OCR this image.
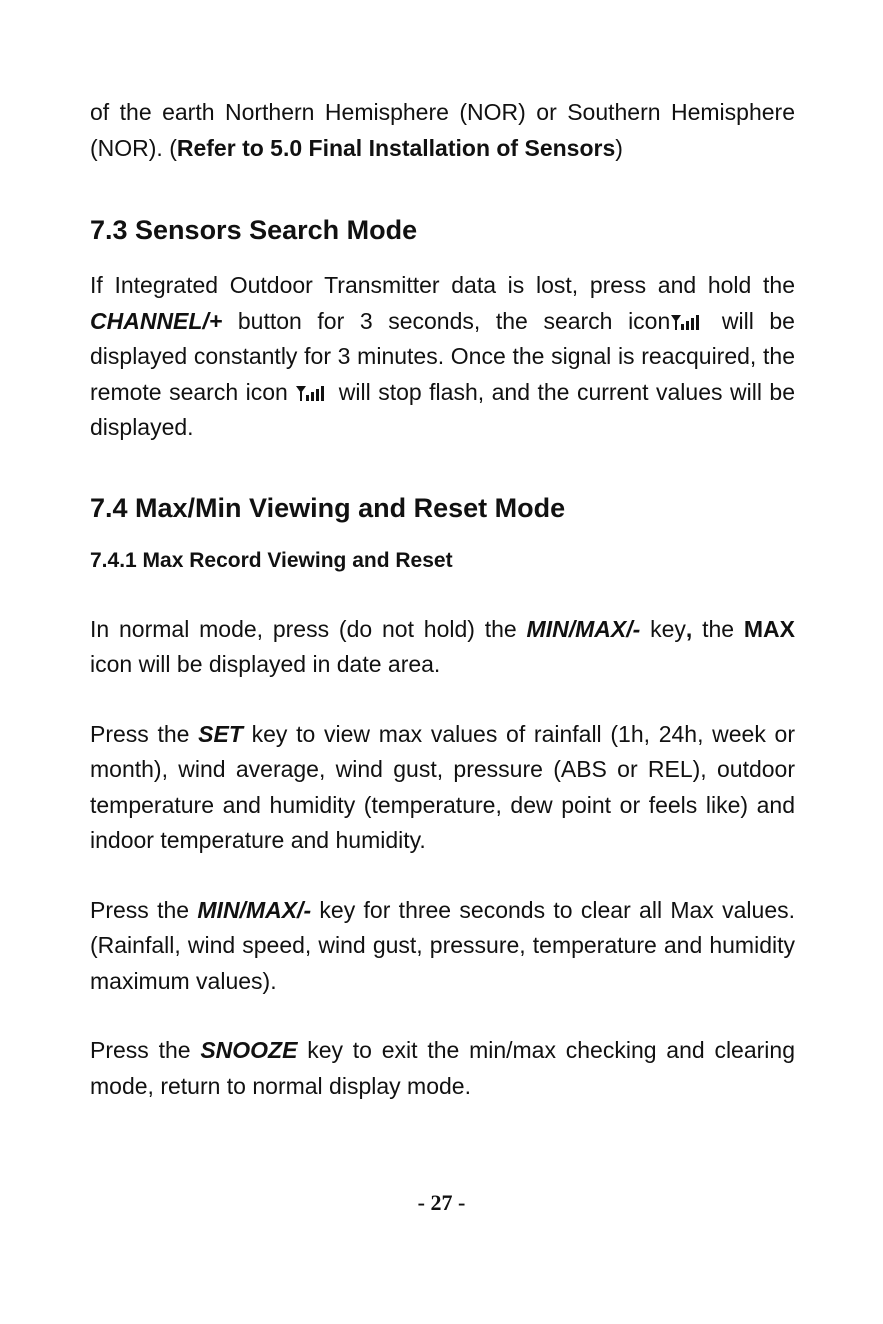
of the earth Northern Hemisphere (NOR) or Southern Hemisphere (NOR). (Refer to 5.0 Final Installation of Sensors)

7.3 Sensors Search Mode

If Integrated Outdoor Transmitter data is lost, press and hold the CHANNEL/+ button for 3 seconds, the search icon will be displayed constantly for 3 minutes. Once the signal is reacquired, the remote search icon  will stop flash, and the current values will be displayed.

7.4 Max/Min Viewing and Reset Mode
7.4.1 Max Record Viewing and Reset

In normal mode, press (do not hold) the MIN/MAX/- key, the MAX icon will be displayed in date area.

Press the SET key to view max values of rainfall (1h, 24h, week or month), wind average, wind gust, pressure (ABS or REL), outdoor temperature and humidity (temperature, dew point or feels like) and indoor temperature and humidity.

Press the MIN/MAX/- key for three seconds to clear all Max values.(Rainfall, wind speed, wind gust, pressure, temperature and humidity maximum values).

Press the SNOOZE key to exit the min/max checking and clearing mode, return to normal display mode.

- 27 -
